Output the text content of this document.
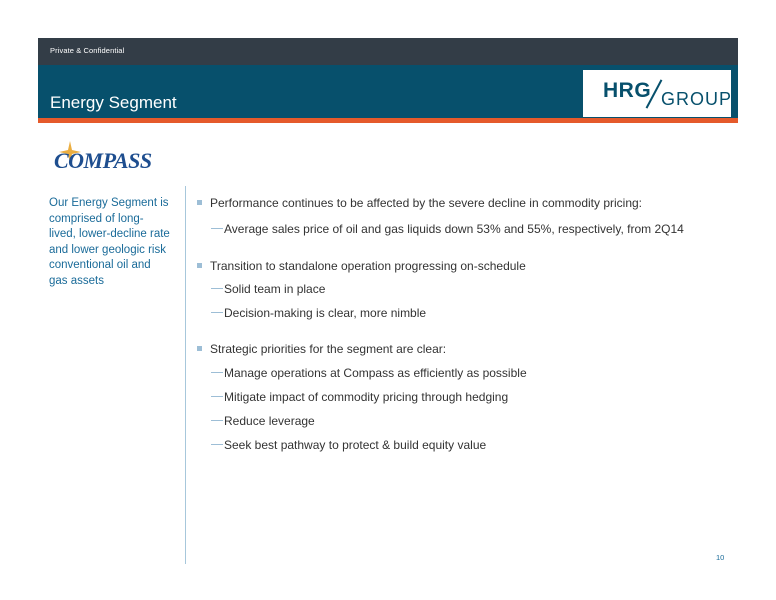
Private & Confidential
Energy Segment
HRG GROUP
COMPASS
Our Energy Segment is
comprised of long-
lived, lower-decline rate
and lower geologic risk
conventional oil and
gas assets
Performance continues to be affected by the severe decline in commodity pricing:
Average sales price of oil and gas liquids down 53% and 55%, respectively, from 2Q14
Transition to standalone operation progressing on-schedule
Solid team in place
Decision-making is clear, more nimble
Strategic priorities for the segment are clear:
Manage operations at Compass as efficiently as possible
Mitigate impact of commodity pricing through hedging
Reduce leverage
Seek best pathway to protect & build equity value
10
